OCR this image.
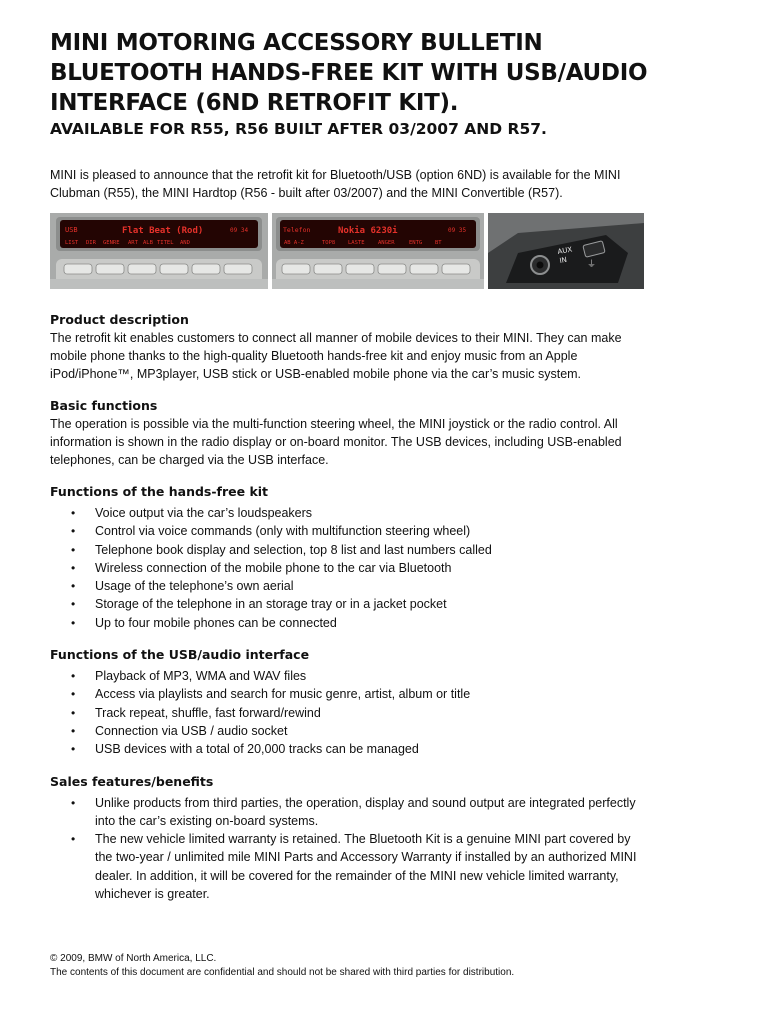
MINI MOTORING ACCESSORY BULLETIN
BLUETOOTH HANDS-FREE KIT WITH USB/AUDIO
INTERFACE (6ND RETROFIT KIT).
AVAILABLE FOR R55, R56 BUILT AFTER 03/2007 AND R57.

MINI is pleased to announce that the retrofit kit for Bluetooth/USB (option 6ND) is available for the MINI Clubman (R55), the MINI Hardtop (R56 - built after 03/2007) and the MINI Convertible (R57).

USB	Flat Beat (Rod)	09 34
LIST DIR GENRE ART ALB TITEL AND
Telefon	Nokia 6230i	09 35
AB A-Z	TOP8 LASTE ANGER	ENTG BT
AUX
IN ⏚
Product description
The retrofit kit enables customers to connect all manner of mobile devices to their MINI. They can make mobile phone thanks to the high-quality Bluetooth hands-free kit and enjoy music from an Apple iPod/iPhone™, MP3player, USB stick or USB-enabled mobile phone via the car’s music system.
Basic functions
The operation is possible via the multi-function steering wheel, the MINI joystick or the radio control. All information is shown in the radio display or on-board monitor. The USB devices, including USB-enabled telephones, can be charged via the USB interface.
Functions of the hands-free kit
• Voice output via the car’s loudspeakers
• Control via voice commands (only with multifunction steering wheel)
• Telephone book display and selection, top 8 list and last numbers called
• Wireless connection of the mobile phone to the car via Bluetooth
• Usage of the telephone’s own aerial
• Storage of the telephone in an storage tray or in a jacket pocket
• Up to four mobile phones can be connected
Functions of the USB/audio interface
• Playback of MP3, WMA and WAV files
• Access via playlists and search for music genre, artist, album or title
• Track repeat, shuffle, fast forward/rewind
• Connection via USB / audio socket
• USB devices with a total of 20,000 tracks can be managed
Sales features/benefits
• Unlike products from third parties, the operation, display and sound output are integrated perfectly into the car’s existing on-board systems.
• The new vehicle limited warranty is retained. The Bluetooth Kit is a genuine MINI part covered by the two-year / unlimited mile MINI Parts and Accessory Warranty if installed by an authorized MINI dealer. In addition, it will be covered for the remainder of the MINI new vehicle limited warranty, whichever is greater.
© 2009, BMW of North America, LLC.
The contents of this document are confidential and should not be shared with third parties for distribution.
